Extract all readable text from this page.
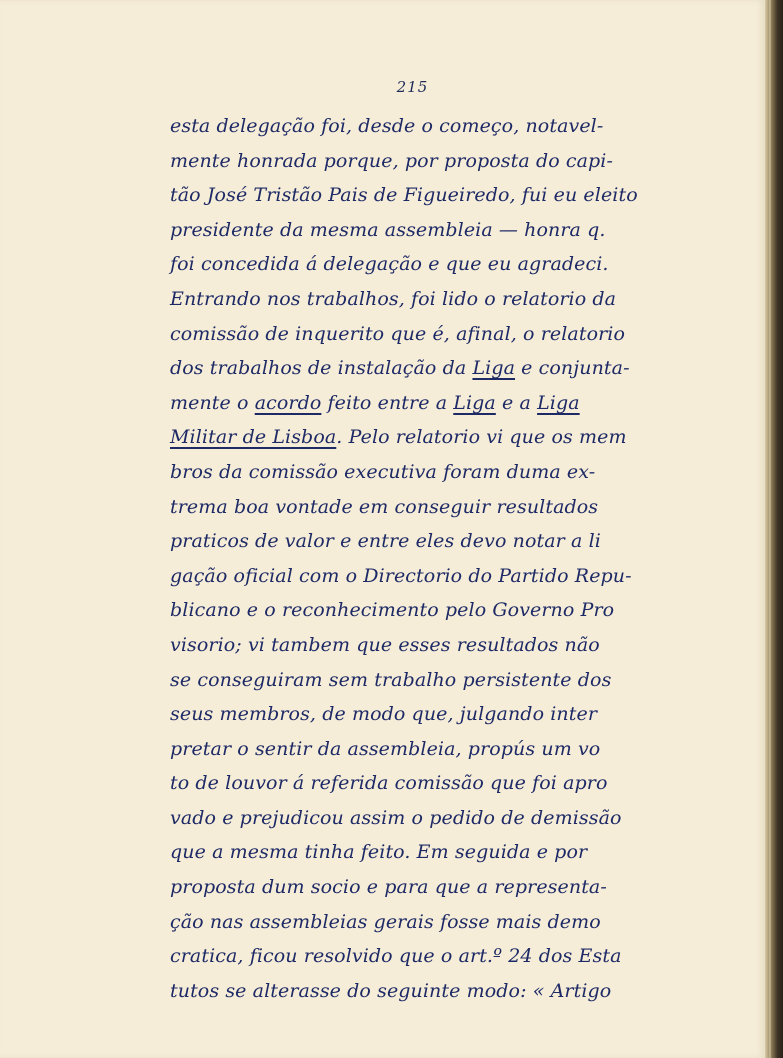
215
esta delegação foi, desde o começo, notavel-
mente honrada porque, por proposta do capi-
tão José Tristão Pais de Figueiredo, fui eu eleito
presidente da mesma assembleia — honra q.
foi concedida á delegação e que eu agradeci.
Entrando nos trabalhos, foi lido o relatorio da
comissão de inquerito que é, afinal, o relatorio
dos trabalhos de instalação da Liga e conjunta-
mente o acordo feito entre a Liga e a Liga
Militar de Lisboa. Pelo relatorio vi que os mem
bros da comissão executiva foram duma ex-
trema boa vontade em conseguir resultados
praticos de valor e entre eles devo notar a li
gação oficial com o Directorio do Partido Repu-
blicano e o reconhecimento pelo Governo Pro
visorio; vi tambem que esses resultados não
se conseguiram sem trabalho persistente dos
seus membros, de modo que, julgando inter
pretar o sentir da assembleia, propús um vo
to de louvor á referida comissão que foi apro
vado e prejudicou assim o pedido de demissão
que a mesma tinha feito. Em seguida e por
proposta dum socio e para que a representa-
ção nas assembleias gerais fosse mais demo
cratica, ficou resolvido que o art.º 24 dos Esta
tutos se alterasse do seguinte modo: « Artigo
